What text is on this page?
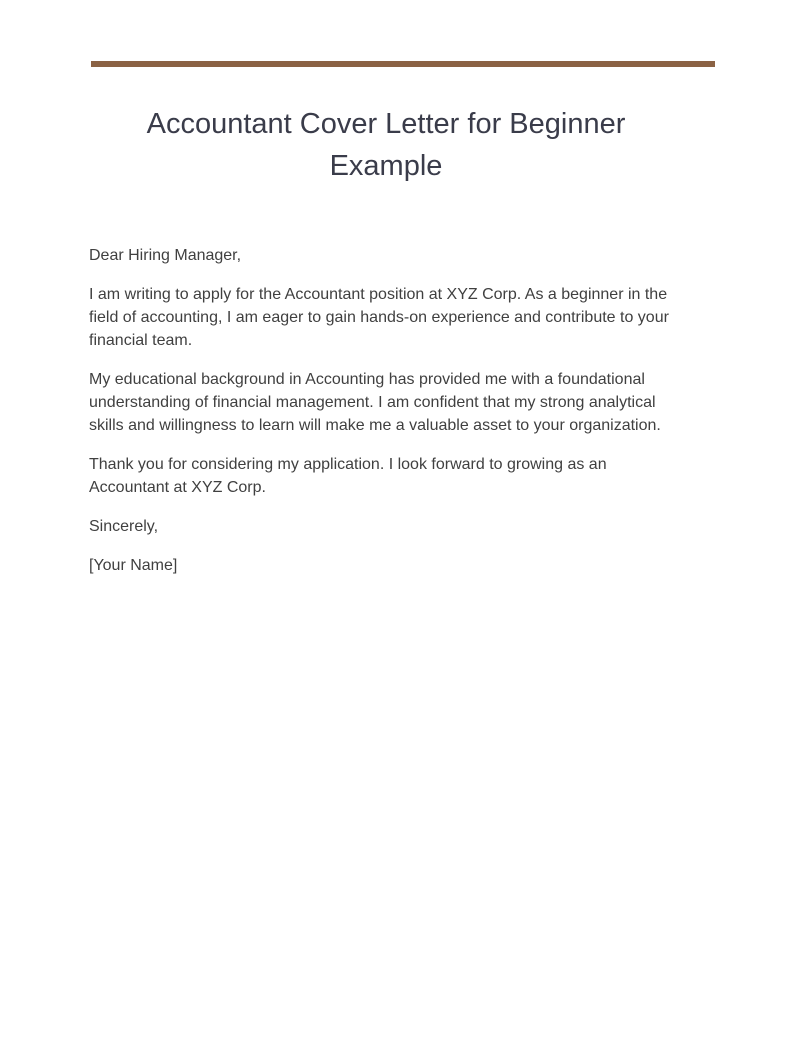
Accountant Cover Letter for Beginner Example

Dear Hiring Manager,

I am writing to apply for the Accountant position at XYZ Corp. As a beginner in the field of accounting, I am eager to gain hands-on experience and contribute to your financial team.

My educational background in Accounting has provided me with a foundational understanding of financial management. I am confident that my strong analytical skills and willingness to learn will make me a valuable asset to your organization.

Thank you for considering my application. I look forward to growing as an Accountant at XYZ Corp.

Sincerely,

[Your Name]
